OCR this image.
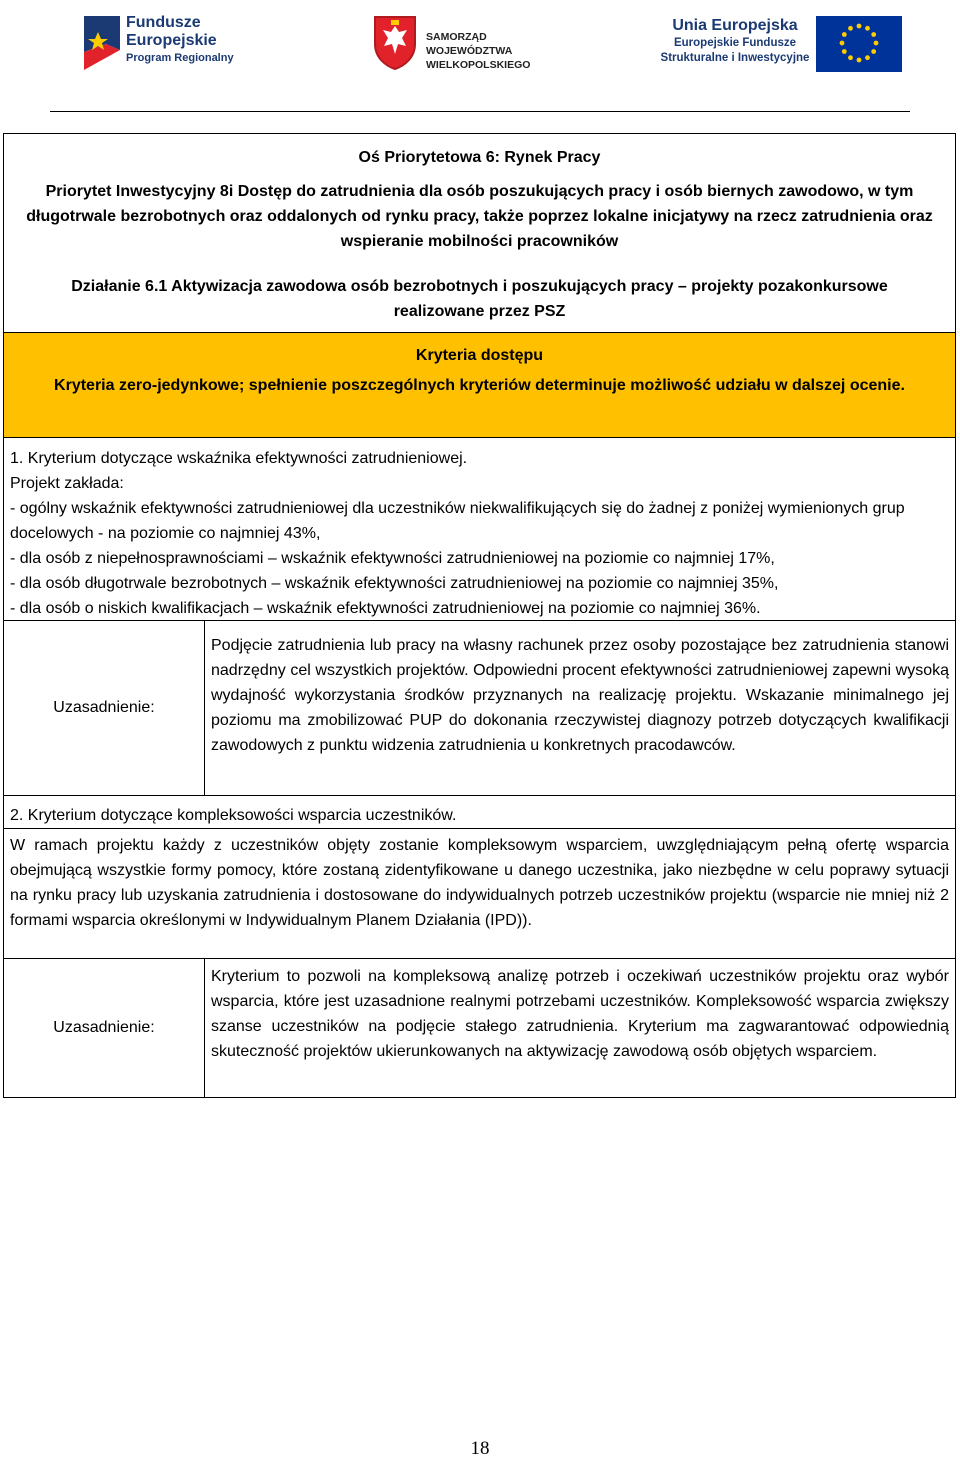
Fundusze
Europejskie
Program Regionalny
SAMORZĄD WOJEWÓDZTWA
WIELKOPOLSKIEGO
Unia Europejska
Europejskie Fundusze
Strukturalne i Inwestycyjne
Oś Priorytetowa 6: Rynek Pracy
Priorytet Inwestycyjny 8i Dostęp do zatrudnienia dla osób poszukujących pracy i osób biernych zawodowo, w tym długotrwale bezrobotnych oraz oddalonych od rynku pracy, także poprzez lokalne inicjatywy na rzecz zatrudnienia oraz wspieranie mobilności pracowników
Działanie 6.1 Aktywizacja zawodowa osób bezrobotnych i poszukujących pracy – projekty pozakonkursowe realizowane przez PSZ
Kryteria dostępu
Kryteria zero-jedynkowe; spełnienie poszczególnych kryteriów determinuje możliwość udziału w dalszej ocenie.
1. Kryterium dotyczące wskaźnika efektywności zatrudnieniowej.
Projekt zakłada:
- ogólny wskaźnik efektywności zatrudnieniowej dla uczestników niekwalifikujących się do żadnej z poniżej wymienionych grup docelowych - na poziomie co najmniej 43%,
- dla osób z niepełnosprawnościami – wskaźnik efektywności zatrudnieniowej na poziomie co najmniej 17%,
- dla osób długotrwale bezrobotnych – wskaźnik efektywności zatrudnieniowej na poziomie co najmniej 35%,
- dla osób o niskich kwalifikacjach – wskaźnik efektywności zatrudnieniowej na poziomie co najmniej 36%.
Uzasadnienie:
Podjęcie zatrudnienia lub pracy na własny rachunek przez osoby pozostające bez zatrudnienia stanowi nadrzędny cel wszystkich projektów. Odpowiedni procent efektywności zatrudnieniowej zapewni wysoką wydajność wykorzystania środków przyznanych na realizację projektu. Wskazanie minimalnego jej poziomu ma zmobilizować PUP do dokonania rzeczywistej diagnozy potrzeb dotyczących kwalifikacji zawodowych z punktu widzenia zatrudnienia u konkretnych pracodawców.
2. Kryterium dotyczące kompleksowości wsparcia uczestników.
W ramach projektu każdy z uczestników objęty zostanie kompleksowym wsparciem, uwzględniającym pełną ofertę wsparcia obejmującą wszystkie formy pomocy, które zostaną zidentyfikowane u danego uczestnika, jako niezbędne w celu poprawy sytuacji na rynku pracy lub uzyskania zatrudnienia i dostosowane do indywidualnych potrzeb uczestników projektu (wsparcie nie mniej niż 2 formami wsparcia określonymi w Indywidualnym Planem Działania (IPD)).
Uzasadnienie:
Kryterium to pozwoli na kompleksową analizę potrzeb i oczekiwań uczestników projektu oraz wybór wsparcia, które jest uzasadnione realnymi potrzebami uczestników. Kompleksowość wsparcia zwiększy szanse uczestników na podjęcie stałego zatrudnienia. Kryterium ma zagwarantować odpowiednią skuteczność projektów ukierunkowanych na aktywizację zawodową osób objętych wsparciem.
18
